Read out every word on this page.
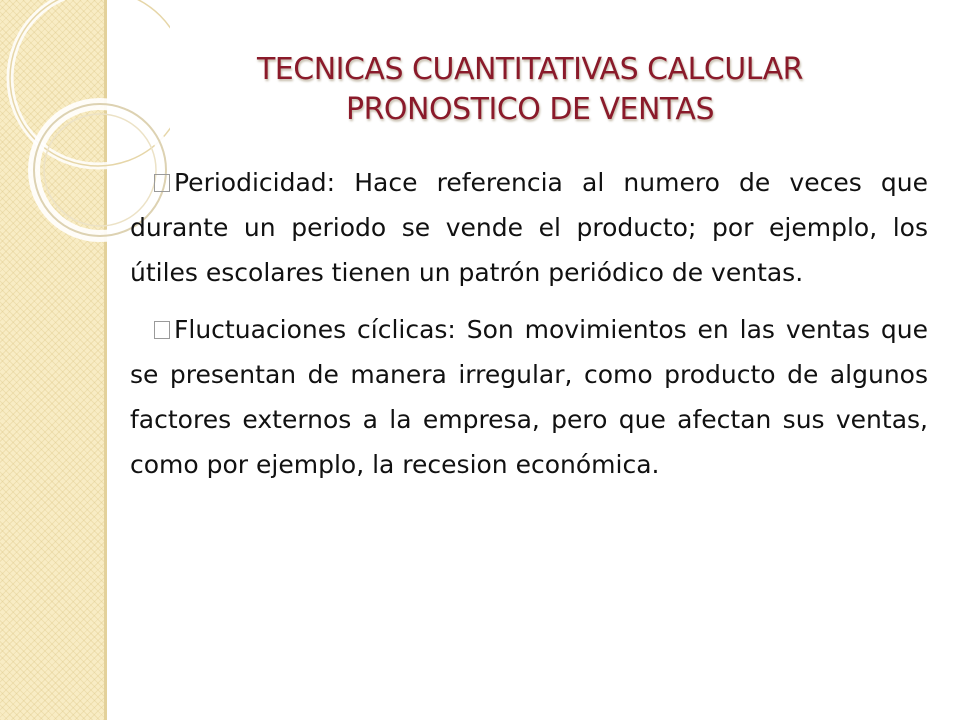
TECNICAS CUANTITATIVAS CALCULAR
PRONOSTICO DE VENTAS

Periodicidad: Hace referencia al numero de veces que durante un periodo se vende el producto; por ejemplo, los útiles escolares tienen un patrón periódico de ventas.

Fluctuaciones cíclicas: Son movimientos en las ventas que se presentan de manera irregular, como producto de algunos factores externos a la empresa, pero que afectan sus ventas, como por ejemplo, la recesion económica.
